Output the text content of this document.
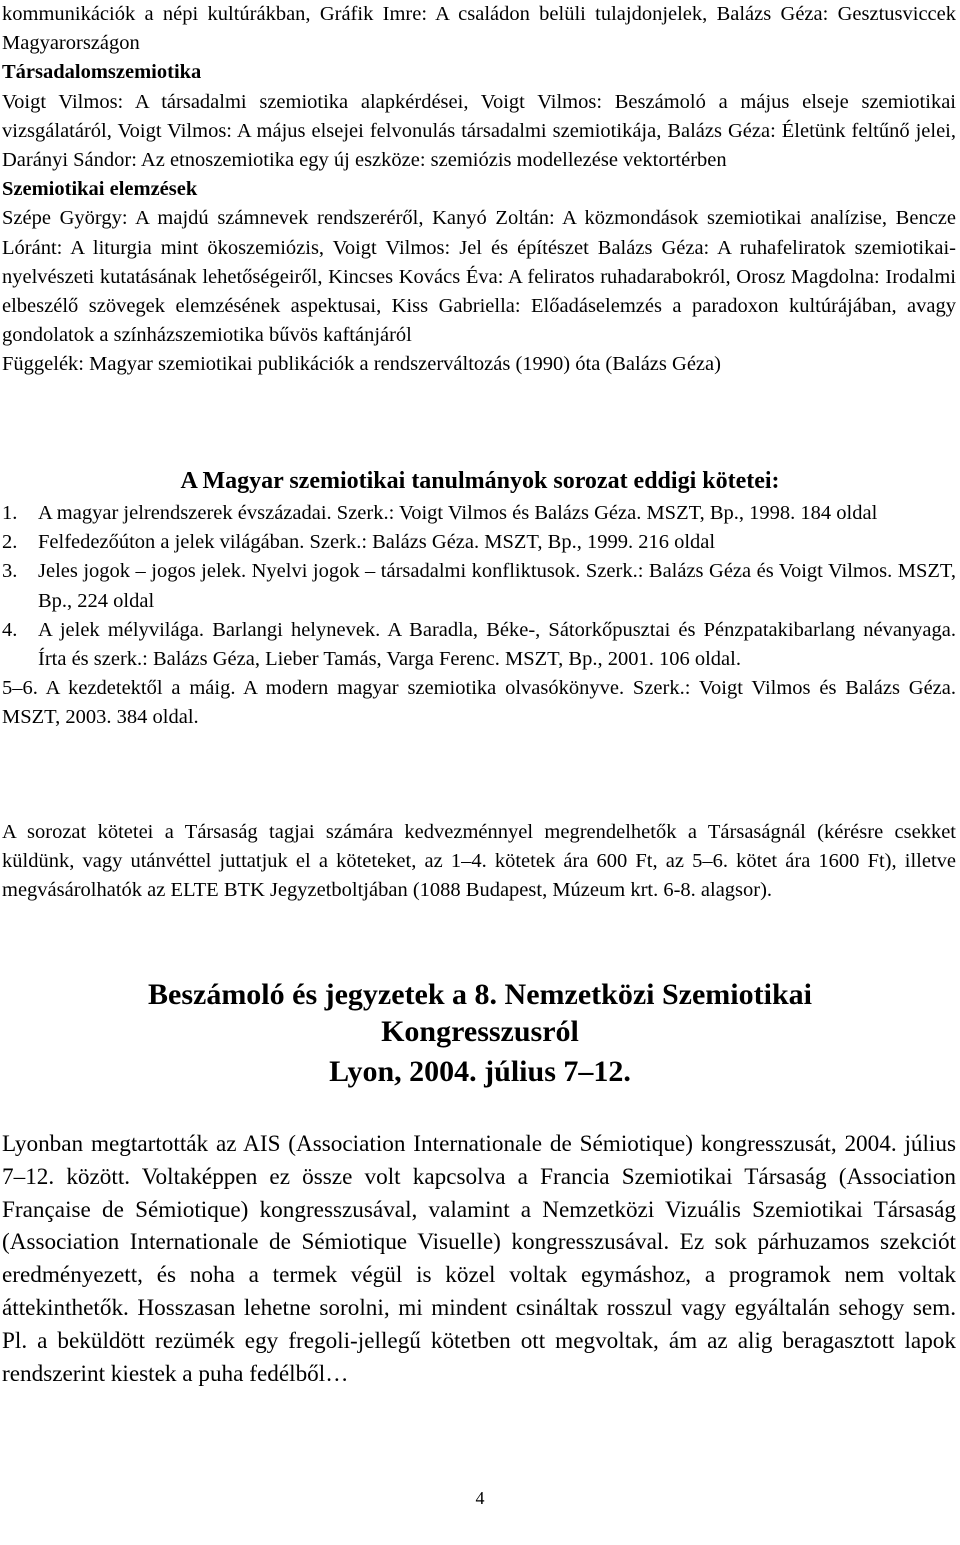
kommunikációk a népi kultúrákban, Gráfik Imre: A családon belüli tulajdonjelek, Balázs Géza: Gesztusviccek Magyarországon

Társadalomszemiotika

Voigt Vilmos: A társadalmi szemiotika alapkérdései, Voigt Vilmos: Beszámoló a május elseje szemiotikai vizsgálatáról, Voigt Vilmos: A május elsejei felvonulás társadalmi szemiotikája, Balázs Géza: Életünk feltűnő jelei, Darányi Sándor: Az etnoszemiotika egy új eszköze: szemiózis modellezése vektortérben

Szemiotikai elemzések

Szépe György: A majdú számnevek rendszeréről, Kanyó Zoltán: A közmondások szemiotikai analízise, Bencze Lóránt: A liturgia mint ökoszemiózis, Voigt Vilmos: Jel és építészet Balázs Géza: A ruhafeliratok szemiotikai-nyelvészeti kutatásának lehetőségeiről, Kincses Kovács Éva: A feliratos ruhadarabokról, Orosz Magdolna: Irodalmi elbeszélő szövegek elemzésének aspektusai, Kiss Gabriella: Előadáselemzés a paradoxon kultúrájában, avagy gondolatok a színházszemiotika bűvös kaftánjáról

Függelék: Magyar szemiotikai publikációk a rendszerváltozás (1990) óta (Balázs Géza)

A Magyar szemiotikai tanulmányok sorozat eddigi kötetei:
1.	A magyar jelrendszerek évszázadai. Szerk.: Voigt Vilmos és Balázs Géza. MSZT, Bp., 1998. 184 oldal
2.	Felfedezőúton a jelek világában. Szerk.: Balázs Géza. MSZT, Bp., 1999. 216 oldal
3.	Jeles jogok – jogos jelek. Nyelvi jogok – társadalmi konfliktusok. Szerk.: Balázs Géza és Voigt Vilmos. MSZT, Bp., 224 oldal
4.	A jelek mélyvilága. Barlangi helynevek. A Baradla, Béke-, Sátorkőpusztai és Pénzpatakibarlang névanyaga. Írta és szerk.: Balázs Géza, Lieber Tamás, Varga Ferenc. MSZT, Bp., 2001. 106 oldal.

5–6. A kezdetektől a máig. A modern magyar szemiotika olvasókönyve. Szerk.: Voigt Vilmos és Balázs Géza. MSZT, 2003. 384 oldal.

A sorozat kötetei a Társaság tagjai számára kedvezménnyel megrendelhetők a Társaságnál (kérésre csekket küldünk, vagy utánvéttel juttatjuk el a köteteket, az 1–4. kötetek ára 600 Ft, az 5–6. kötet ára 1600 Ft), illetve megvásárolhatók az ELTE BTK Jegyzetboltjában (1088 Budapest, Múzeum krt. 6-8. alagsor).
Beszámoló és jegyzetek a 8. Nemzetközi Szemiotikai
Kongresszusról
Lyon, 2004. július 7–12.
Lyonban megtartották az AIS (Association Internationale de Sémiotique) kongresszusát, 2004. július 7–12. között. Voltaképpen ez össze volt kapcsolva a Francia Szemiotikai Társaság (Association Française de Sémiotique) kongresszusával, valamint a Nemzetközi Vizuális Szemiotikai Társaság (Association Internationale de Sémiotique Visuelle) kongresszusával. Ez sok párhuzamos szekciót eredményezett, és noha a termek végül is közel voltak egymáshoz, a programok nem voltak áttekinthetők. Hosszasan lehetne sorolni, mi mindent csináltak rosszul vagy egyáltalán sehogy sem. Pl. a beküldött rezümék egy fregoli-jellegű kötetben ott megvoltak, ám az alig beragasztott lapok rendszerint kiestek a puha fedélből…
4
